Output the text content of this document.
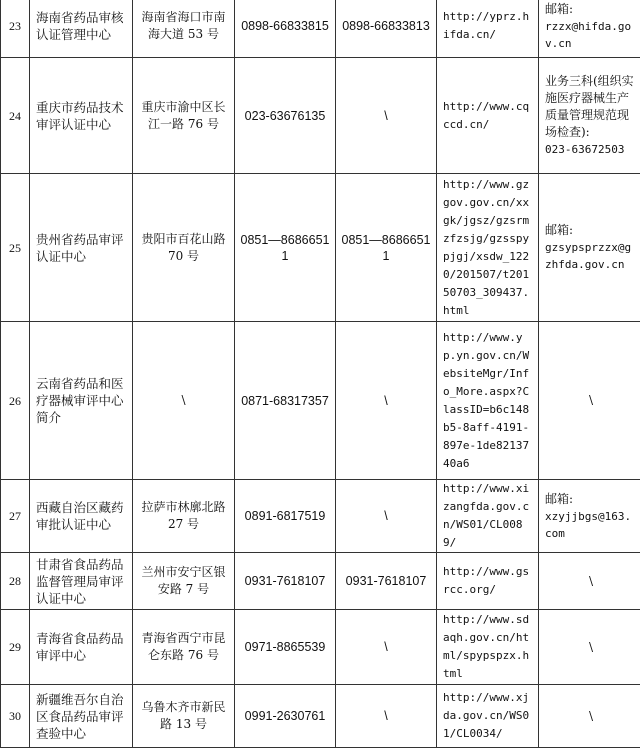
23	海南省药品审核认证管理中心	海南省海口市南海大道 53 号	0898-66833815	0898-66833813	http://yprz.hifda.cn/	邮箱:
rzzx@hifda.gov.cn

24	重庆市药品技术审评认证中心	重庆市渝中区长江一路 76 号	023-63676135	\	http://www.cqccd.cn/	业务三科(组织实施医疗器械生产质量管理规范现场检查):
023-63672503

25	贵州省药品审评认证中心	贵阳市百花山路 70 号	0851—86866511	0851—86866511	http://www.gzgov.gov.cn/xxgk/jgsz/gzsrmzfzsjg/gzsspypjgj/xsdw_1220/201507/t20150703_309437.html	邮箱:
gzsypsprzzx@gzhfda.gov.cn

26	云南省药品和医疗器械审评中心简介	\	0871-68317357	\	http://www.yp.yn.gov.cn/WebsiteMgr/Info_More.aspx?ClassID=b6c148b5-8aff-4191-897e-1de8213740a6	\
27	西藏自治区藏药审批认证中心	拉萨市林廓北路 27 号	0891-6817519	\	http://www.xizangfda.gov.cn/WS01/CL0089/	邮箱:
xzyjjbgs@163.com

28	甘肃省食品药品监督管理局审评认证中心	兰州市安宁区银安路 7 号	0931-7618107	0931-7618107	http://www.gsrcc.org/	\
29	青海省食品药品审评中心	青海省西宁市昆仑东路 76 号	0971-8865539	\	http://www.sdaqh.gov.cn/html/spypspzx.html	\
30	新疆维吾尔自治区食品药品审评查验中心	乌鲁木齐市新民路 13 号	0991-2630761	\	http://www.xjda.gov.cn/WS01/CL0034/	\
